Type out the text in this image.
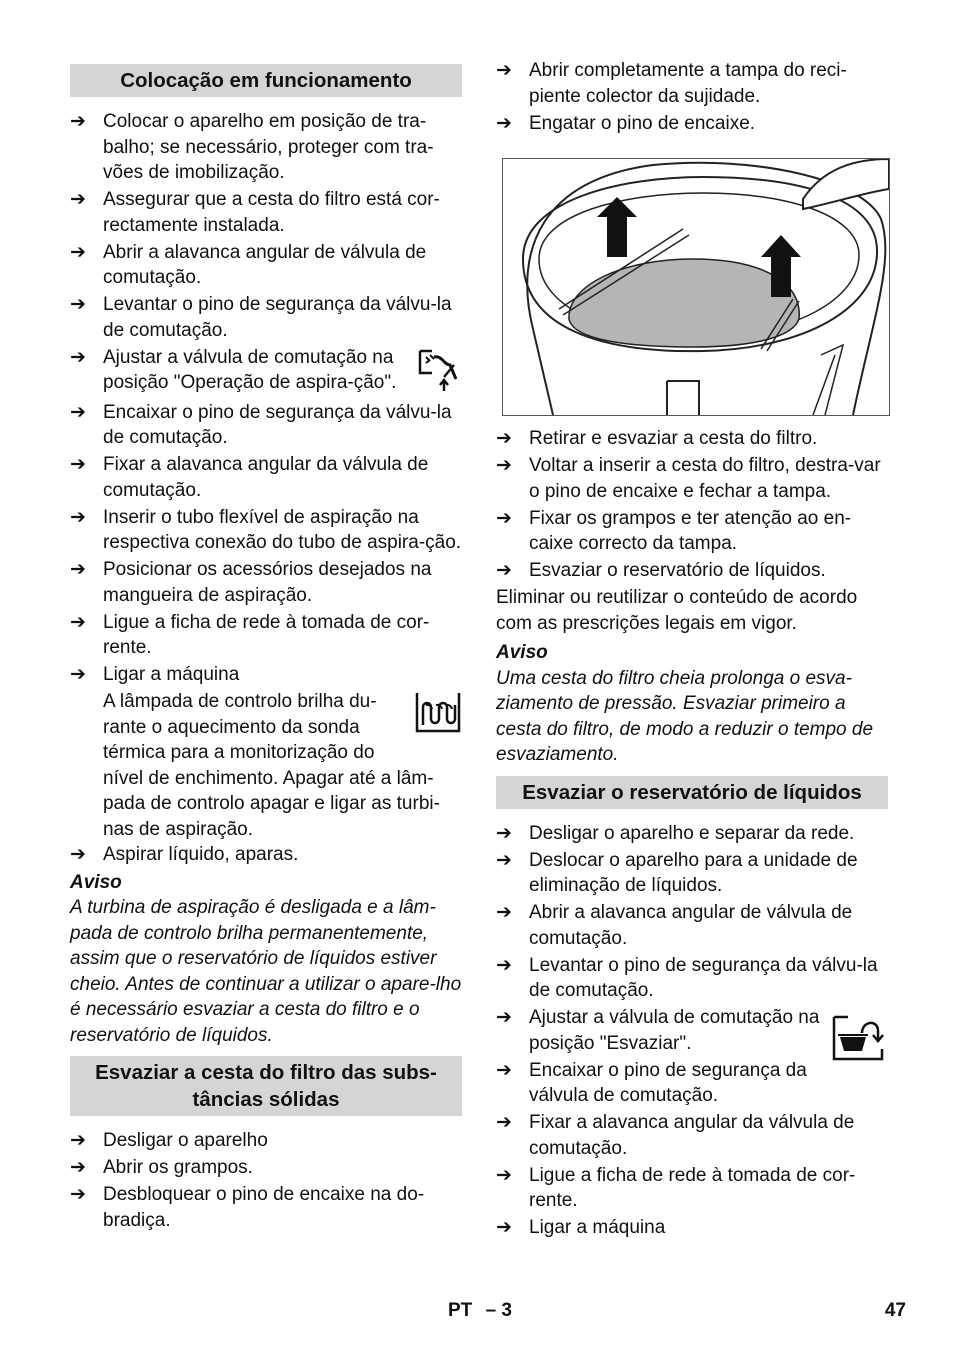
Colocação em funcionamento
➔ Colocar o aparelho em posição de tra-balho; se necessário, proteger com tra-vões de imobilização.
➔ Assegurar que a cesta do filtro está cor-rectamente instalada.
➔ Abrir a alavanca angular de válvula de comutação.
➔ Levantar o pino de segurança da válvu-la de comutação.
➔ Ajustar a válvula de comutação na posição "Operação de aspira-ção".
➔ Encaixar o pino de segurança da válvu-la de comutação.
➔ Fixar a alavanca angular da válvula de comutação.
➔ Inserir o tubo flexível de aspiração na respectiva conexão do tubo de aspira-ção.
➔ Posicionar os acessórios desejados na mangueira de aspiração.
➔ Ligue a ficha de rede à tomada de cor-rente.
➔ Ligar a máquina
A lâmpada de controlo brilha du-rante o aquecimento da sonda térmica para a monitorização do

nível de enchimento. Apagar até a lâm-pada de controlo apagar e ligar as turbi-nas de aspiração.

➔ Aspirar líquido, aparas.

Aviso

A turbina de aspiração é desligada e a lâm-pada de controlo brilha permanentemente, assim que o reservatório de líquidos estiver cheio. Antes de continuar a utilizar o apare-lho é necessário esvaziar a cesta do filtro e o reservatório de líquidos.

Esvaziar a cesta do filtro das subs-tâncias sólidas
➔ Desligar o aparelho
➔ Abrir os grampos.
➔ Desbloquear o pino de encaixe na do-bradiça.
➔ Abrir completamente a tampa do reci-piente colector da sujidade.
➔ Engatar o pino de encaixe.
➔ Retirar e esvaziar a cesta do filtro.
➔ Voltar a inserir a cesta do filtro, destra-var o pino de encaixe e fechar a tampa.
➔ Fixar os grampos e ter atenção ao en-caixe correcto da tampa.
➔ Esvaziar o reservatório de líquidos.

Eliminar ou reutilizar o conteúdo de acordo com as prescrições legais em vigor.

Aviso

Uma cesta do filtro cheia prolonga o esva-ziamento de pressão. Esvaziar primeiro a cesta do filtro, de modo a reduzir o tempo de esvaziamento.

Esvaziar o reservatório de líquidos
➔ Desligar o aparelho e separar da rede.
➔ Deslocar o aparelho para a unidade de eliminação de líquidos.
➔ Abrir a alavanca angular de válvula de comutação.
➔ Levantar o pino de segurança da válvu-la de comutação.
➔ Ajustar a válvula de comutação na posição "Esvaziar".
➔ Encaixar o pino de segurança da válvula de comutação.
➔ Fixar a alavanca angular da válvula de comutação.
➔ Ligue a ficha de rede à tomada de cor-rente.
➔ Ligar a máquina
PT – 3	47
